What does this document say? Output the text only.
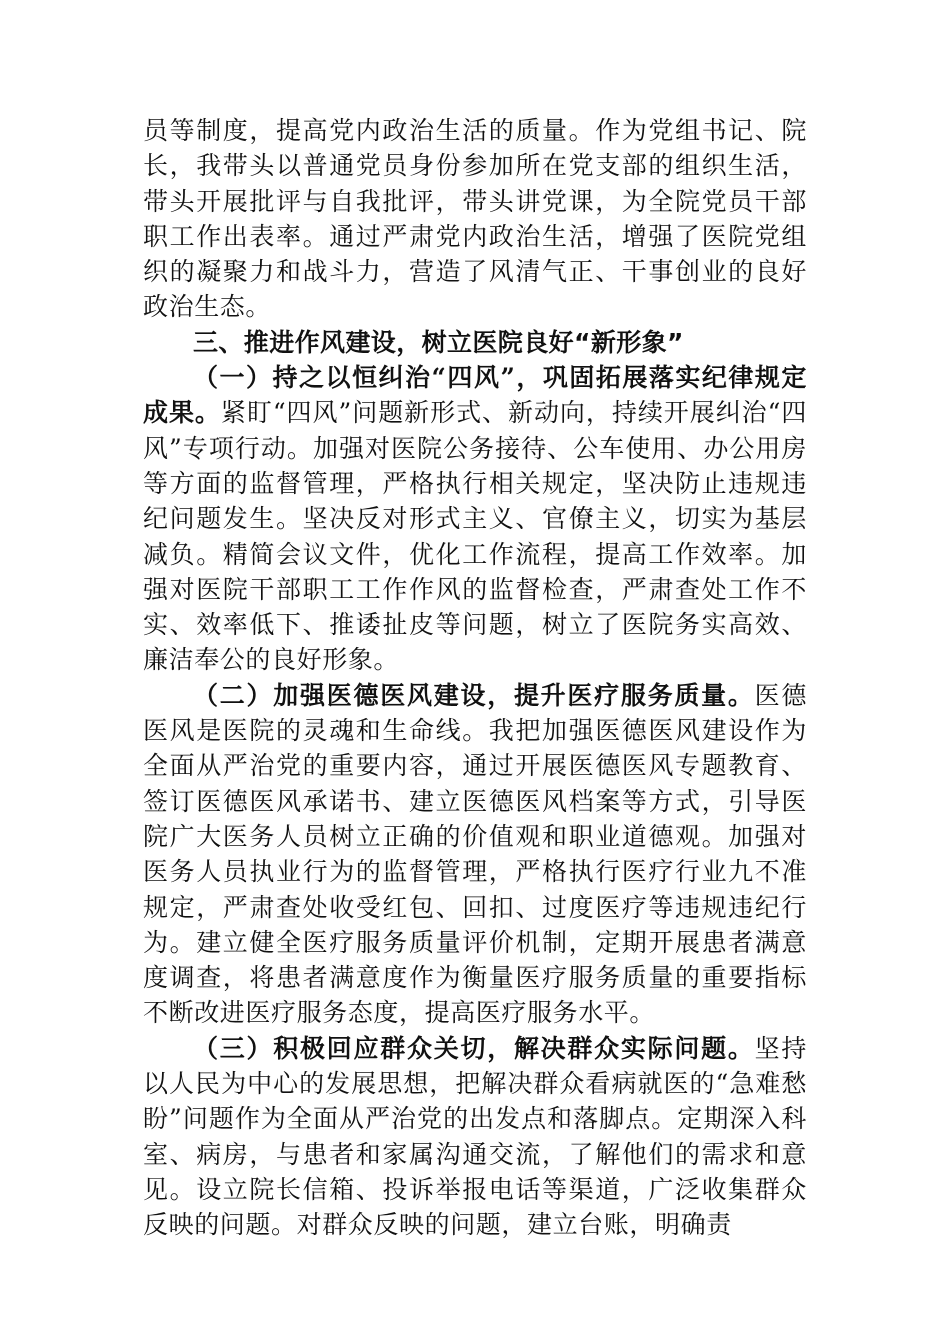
员等制度，提高党内政治生活的质量。作为党组书记、院长，我带头以普通党员身份参加所在党支部的组织生活，带头开展批评与自我批评，带头讲党课，为全院党员干部职工作出表率。通过严肃党内政治生活，增强了医院党组织的凝聚力和战斗力，营造了风清气正、干事创业的良好政治生态。

三、推进作风建设，树立医院良好“新形象”

（一）持之以恒纠治“四风”，巩固拓展落实纪律规定成果。紧盯“四风”问题新形式、新动向，持续开展纠治“四风”专项行动。加强对医院公务接待、公车使用、办公用房等方面的监督管理，严格执行相关规定，坚决防止违规违纪问题发生。坚决反对形式主义、官僚主义，切实为基层减负。精简会议文件，优化工作流程，提高工作效率。加强对医院干部职工工作作风的监督检查，严肃查处工作不实、效率低下、推诿扯皮等问题，树立了医院务实高效、廉洁奉公的良好形象。

（二）加强医德医风建设，提升医疗服务质量。医德医风是医院的灵魂和生命线。我把加强医德医风建设作为全面从严治党的重要内容，通过开展医德医风专题教育、签订医德医风承诺书、建立医德医风档案等方式，引导医院广大医务人员树立正确的价值观和职业道德观。加强对医务人员执业行为的监督管理，严格执行医疗行业九不准规定，严肃查处收受红包、回扣、过度医疗等违规违纪行为。建立健全医疗服务质量评价机制，定期开展患者满意度调查，将患者满意度作为衡量医疗服务质量的重要指标不断改进医疗服务态度，提高医疗服务水平。

（三）积极回应群众关切，解决群众实际问题。坚持以人民为中心的发展思想，把解决群众看病就医的“急难愁盼”问题作为全面从严治党的出发点和落脚点。定期深入科室、病房，与患者和家属沟通交流，了解他们的需求和意见。设立院长信箱、投诉举报电话等渠道，广泛收集群众反映的问题。对群众反映的问题，建立台账，明确责
